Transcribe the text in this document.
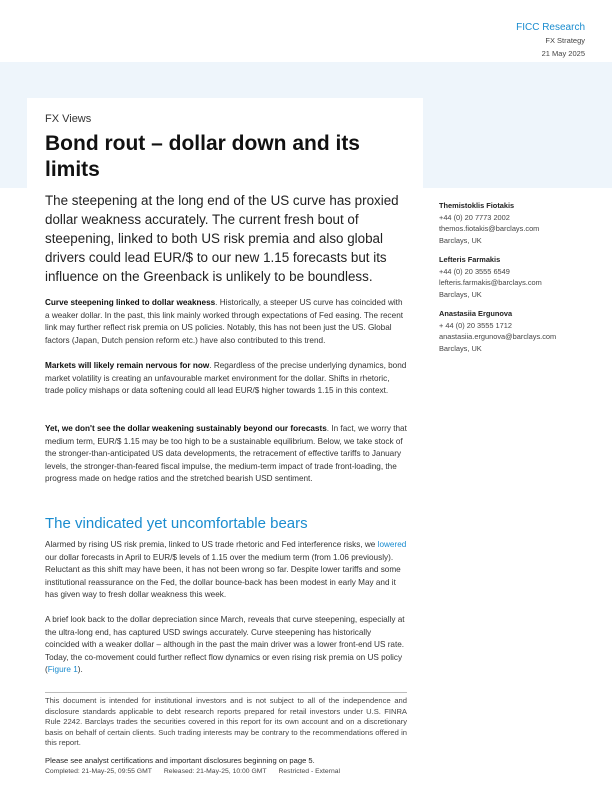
FICC Research
FX Strategy
21 May 2025
FX Views
Bond rout – dollar down and its limits
The steepening at the long end of the US curve has proxied dollar weakness accurately. The current fresh bout of steepening, linked to both US risk premia and also global drivers could lead EUR/$ to our new 1.15 forecasts but its influence on the Greenback is unlikely to be boundless.
Curve steepening linked to dollar weakness. Historically, a steeper US curve has coincided with a weaker dollar. In the past, this link mainly worked through expectations of Fed easing. The recent link may further reflect risk premia on US policies. Notably, this has not been just the US. Global factors (Japan, Dutch pension reform etc.) have also contributed to this trend.
Markets will likely remain nervous for now. Regardless of the precise underlying dynamics, bond market volatility is creating an unfavourable market environment for the dollar. Shifts in rhetoric, trade policy mishaps or data softening could all lead EUR/$ higher towards 1.15 in this context.
Yet, we don't see the dollar weakening sustainably beyond our forecasts. In fact, we worry that medium term, EUR/$ 1.15 may be too high to be a sustainable equilibrium. Below, we take stock of the stronger-than-anticipated US data developments, the retracement of effective tariffs to January levels, the stronger-than-feared fiscal impulse, the medium-term impact of trade front-loading, the progress made on hedge ratios and the stretched bearish USD sentiment.
The vindicated yet uncomfortable bears
Alarmed by rising US risk premia, linked to US trade rhetoric and Fed interference risks, we lowered our dollar forecasts in April to EUR/$ levels of 1.15 over the medium term (from 1.06 previously). Reluctant as this shift may have been, it has not been wrong so far. Despite lower tariffs and some institutional reassurance on the Fed, the dollar bounce-back has been modest in early May and it has given way to fresh dollar weakness this week.
A brief look back to the dollar depreciation since March, reveals that curve steepening, especially at the ultra-long end, has captured USD swings accurately. Curve steepening has historically coincided with a weaker dollar – although in the past the main driver was a lower front-end US rate. Today, the co-movement could further reflect flow dynamics or even rising risk premia on US policy (Figure 1).
Themistoklis Fiotakis
+44 (0) 20 7773 2002
themos.fiotakis@barclays.com
Barclays, UK
Lefteris Farmakis
+44 (0) 20 3555 6549
lefteris.farmakis@barclays.com
Barclays, UK
Anastasiia Ergunova
+ 44 (0) 20 3555 1712
anastasiia.ergunova@barclays.com
Barclays, UK
This document is intended for institutional investors and is not subject to all of the independence and disclosure standards applicable to debt research reports prepared for retail investors under U.S. FINRA Rule 2242. Barclays trades the securities covered in this report for its own account and on a discretionary basis on behalf of certain clients. Such trading interests may be contrary to the recommendations offered in this report.
Please see analyst certifications and important disclosures beginning on page 5.
Completed: 21-May-25, 09:55 GMT Released: 21-May-25, 10:00 GMT Restricted - External
